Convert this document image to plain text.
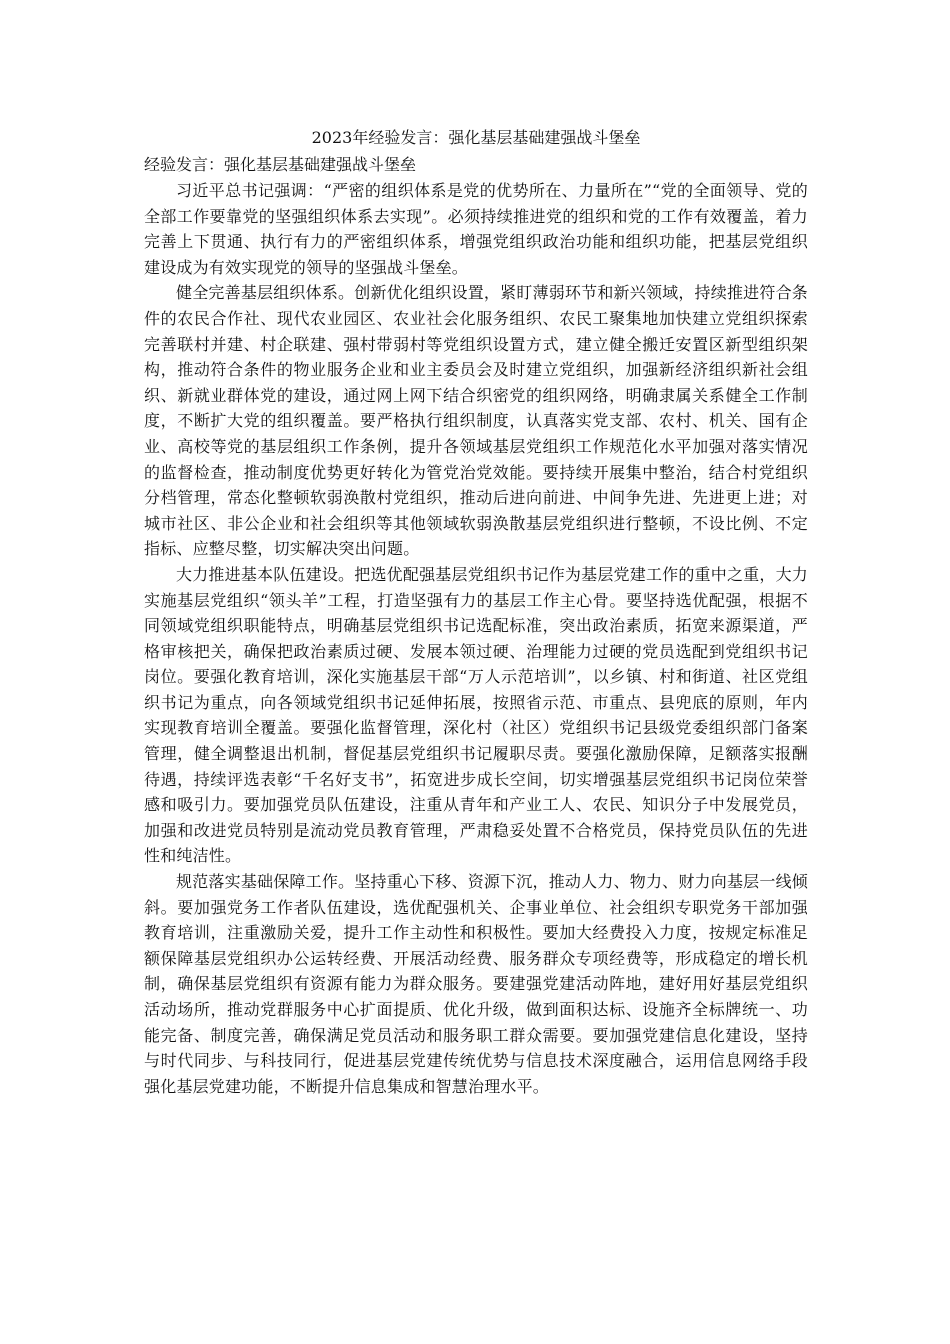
2023年经验发言：强化基层基础建强战斗堡垒
经验发言：强化基层基础建强战斗堡垒

习近平总书记强调：“严密的组织体系是党的优势所在、力量所在”“党的全面领导、党的全部工作要靠党的坚强组织体系去实现”。必须持续推进党的组织和党的工作有效覆盖，着力完善上下贯通、执行有力的严密组织体系，增强党组织政治功能和组织功能，把基层党组织建设成为有效实现党的领导的坚强战斗堡垒。

健全完善基层组织体系。创新优化组织设置，紧盯薄弱环节和新兴领域，持续推进符合条件的农民合作社、现代农业园区、农业社会化服务组织、农民工聚集地加快建立党组织探索完善联村并建、村企联建、强村带弱村等党组织设置方式，建立健全搬迁安置区新型组织架构，推动符合条件的物业服务企业和业主委员会及时建立党组织，加强新经济组织新社会组织、新就业群体党的建设，通过网上网下结合织密党的组织网络，明确隶属关系健全工作制度，不断扩大党的组织覆盖。要严格执行组织制度，认真落实党支部、农村、机关、国有企业、高校等党的基层组织工作条例，提升各领域基层党组织工作规范化水平加强对落实情况的监督检查，推动制度优势更好转化为管党治党效能。要持续开展集中整治，结合村党组织分档管理，常态化整顿软弱涣散村党组织，推动后进向前进、中间争先进、先进更上进；对城市社区、非公企业和社会组织等其他领域软弱涣散基层党组织进行整顿，不设比例、不定指标、应整尽整，切实解决突出问题。

大力推进基本队伍建设。把选优配强基层党组织书记作为基层党建工作的重中之重，大力实施基层党组织“领头羊”工程，打造坚强有力的基层工作主心骨。要坚持选优配强，根据不同领域党组织职能特点，明确基层党组织书记选配标准，突出政治素质，拓宽来源渠道，严格审核把关，确保把政治素质过硬、发展本领过硬、治理能力过硬的党员选配到党组织书记岗位。要强化教育培训，深化实施基层干部“万人示范培训”，以乡镇、村和街道、社区党组织书记为重点，向各领域党组织书记延伸拓展，按照省示范、市重点、县兜底的原则，年内实现教育培训全覆盖。要强化监督管理，深化村（社区）党组织书记县级党委组织部门备案管理，健全调整退出机制，督促基层党组织书记履职尽责。要强化激励保障，足额落实报酬待遇，持续评选表彰“千名好支书”，拓宽进步成长空间，切实增强基层党组织书记岗位荣誉感和吸引力。要加强党员队伍建设，注重从青年和产业工人、农民、知识分子中发展党员，加强和改进党员特别是流动党员教育管理，严肃稳妥处置不合格党员，保持党员队伍的先进性和纯洁性。

规范落实基础保障工作。坚持重心下移、资源下沉，推动人力、物力、财力向基层一线倾斜。要加强党务工作者队伍建设，选优配强机关、企事业单位、社会组织专职党务干部加强教育培训，注重激励关爱，提升工作主动性和积极性。要加大经费投入力度，按规定标准足额保障基层党组织办公运转经费、开展活动经费、服务群众专项经费等，形成稳定的增长机制，确保基层党组织有资源有能力为群众服务。要建强党建活动阵地，建好用好基层党组织活动场所，推动党群服务中心扩面提质、优化升级，做到面积达标、设施齐全标牌统一、功能完备、制度完善，确保满足党员活动和服务职工群众需要。要加强党建信息化建设，坚持与时代同步、与科技同行，促进基层党建传统优势与信息技术深度融合，运用信息网络手段强化基层党建功能，不断提升信息集成和智慧治理水平。
